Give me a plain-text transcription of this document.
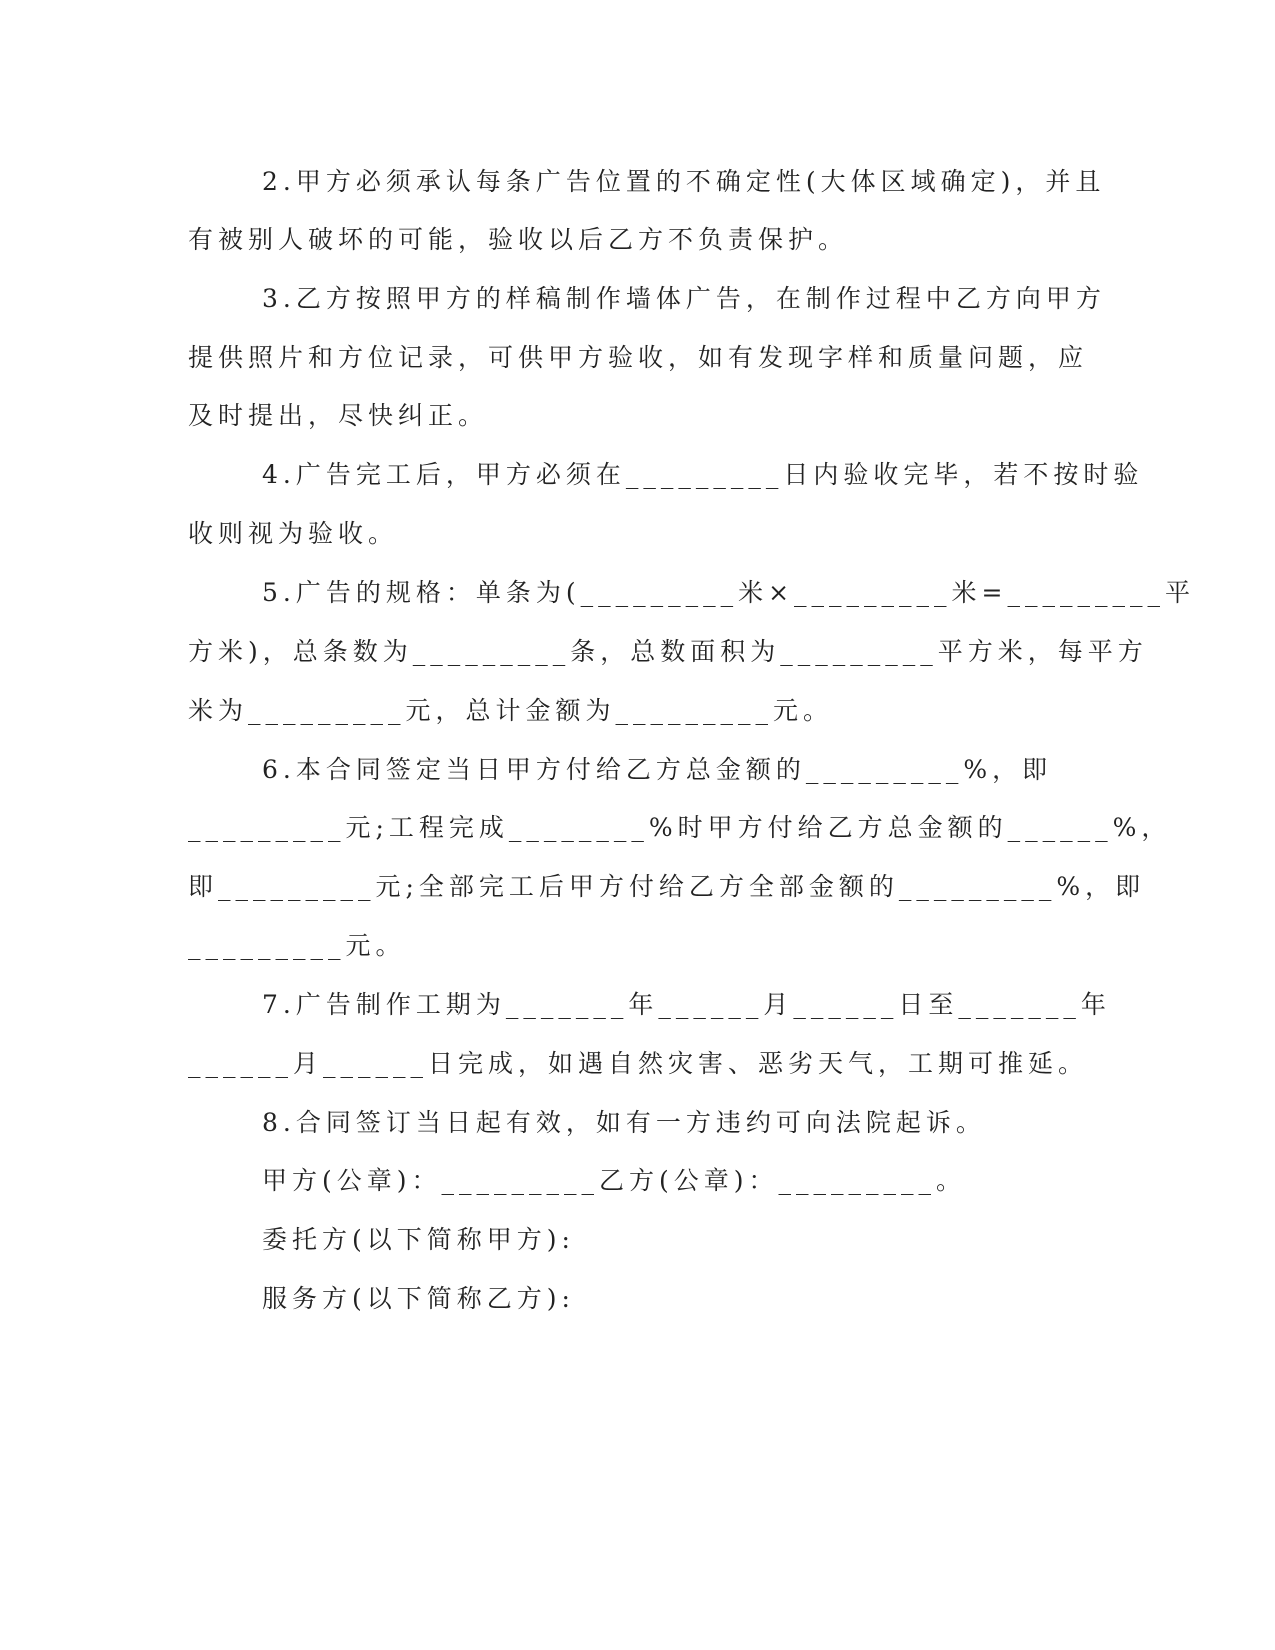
2.甲方必须承认每条广告位置的不确定性(大体区域确定)，并且
有被别人破坏的可能，验收以后乙方不负责保护。
3.乙方按照甲方的样稿制作墙体广告，在制作过程中乙方向甲方
提供照片和方位记录，可供甲方验收，如有发现字样和质量问题，应
及时提出，尽快纠正。
4.广告完工后，甲方必须在_________日内验收完毕，若不按时验
收则视为验收。
5.广告的规格：单条为(_________米×_________米=_________平
方米)，总条数为_________条，总数面积为_________平方米，每平方
米为_________元，总计金额为_________元。
6.本合同签定当日甲方付给乙方总金额的_________%，即
_________元;工程完成________%时甲方付给乙方总金额的______%，
即_________元;全部完工后甲方付给乙方全部金额的_________%，即
_________元。
7.广告制作工期为_______年______月______日至_______年
______月______日完成，如遇自然灾害、恶劣天气，工期可推延。
8.合同签订当日起有效，如有一方违约可向法院起诉。
甲方(公章)：_________乙方(公章)：_________。
委托方(以下简称甲方):
服务方(以下简称乙方):
